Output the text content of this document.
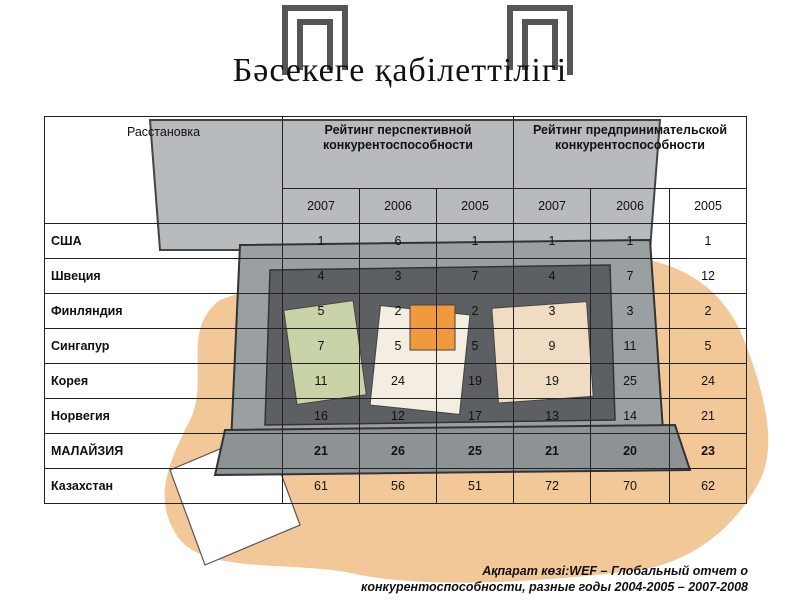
Бәсекеге қабілеттілігі
Расстановка	Рейтинг перспективной конкурентоспособности			Рейтинг предпринимательской конкурентоспособности		
	2007	2006	2005	2007	2006	2005
США	1	6	1	1	1	1
Швеция	4	3	7	4	7	12
Финляндия	5	2	2	3	3	2
Сингапур	7	5	5	9	11	5
Корея	11	24	19	19	25	24
Норвегия	16	12	17	13	14	21
МАЛАЙЗИЯ	21	26	25	21	20	23
Казахстан	61	56	51	72	70	62
Ақпарат көзі:WEF – Глобальный отчет о
конкурентоспособности, разные годы 2004-2005 – 2007-2008
